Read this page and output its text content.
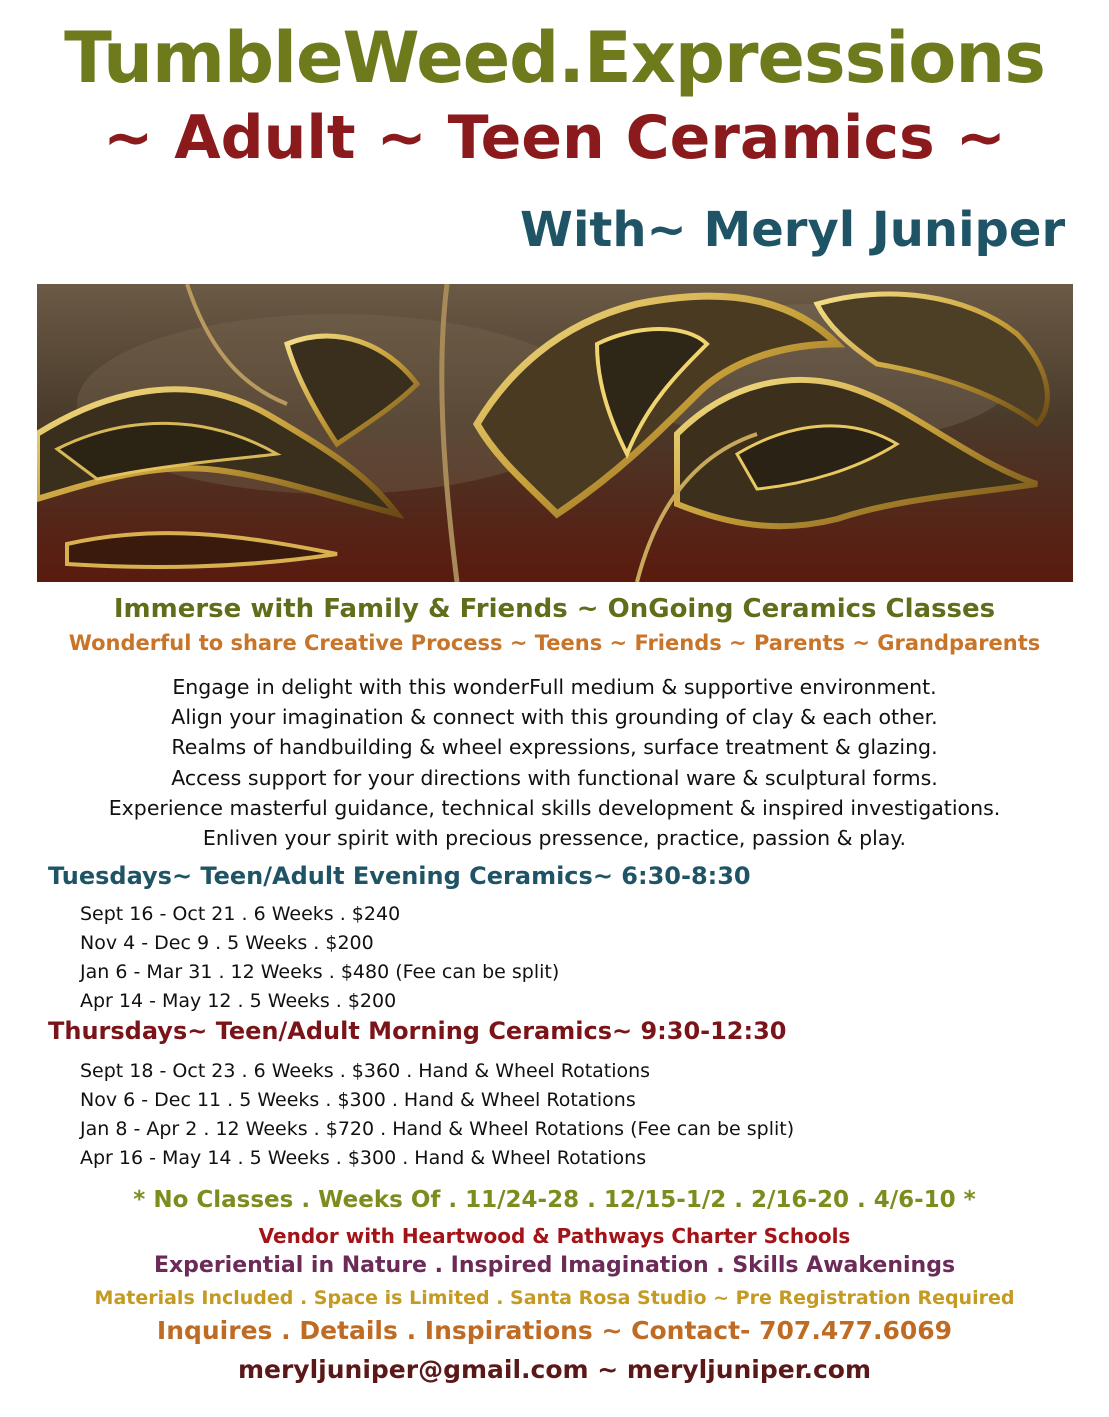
TumbleWeed.Expressions
~ Adult ~ Teen Ceramics ~
With~ Meryl Juniper
Immerse with Family & Friends ~ OnGoing Ceramics Classes
Wonderful to share Creative Process ~ Teens ~ Friends ~ Parents ~ Grandparents
Engage in delight with this wonderFull medium & supportive environment.
Align your imagination & connect with this grounding of clay & each other.
Realms of handbuilding & wheel expressions, surface treatment & glazing.
Access support for your directions with functional ware & sculptural forms.
Experience masterful guidance, technical skills development & inspired investigations.
Enliven your spirit with precious pressence, practice, passion & play.
Tuesdays~ Teen/Adult Evening Ceramics~ 6:30-8:30
Sept 16 - Oct 21 . 6 Weeks . $240
Nov 4 - Dec 9 . 5 Weeks . $200
Jan 6 - Mar 31 . 12 Weeks . $480 (Fee can be split)
Apr 14 - May 12 . 5 Weeks . $200
Thursdays~ Teen/Adult Morning Ceramics~ 9:30-12:30
Sept 18 - Oct 23 . 6 Weeks . $360 . Hand & Wheel Rotations
Nov 6 - Dec 11 . 5 Weeks . $300 . Hand & Wheel Rotations
Jan 8 - Apr 2 . 12 Weeks . $720 . Hand & Wheel Rotations (Fee can be split)
Apr 16 - May 14 . 5 Weeks . $300 . Hand & Wheel Rotations
* No Classes . Weeks Of . 11/24-28 . 12/15-1/2 . 2/16-20 . 4/6-10 *
Vendor with Heartwood & Pathways Charter Schools
Experiential in Nature . Inspired Imagination . Skills Awakenings
Materials Included . Space is Limited . Santa Rosa Studio ~ Pre Registration Required
Inquires . Details . Inspirations ~ Contact- 707.477.6069
meryljuniper@gmail.com ~ meryljuniper.com
